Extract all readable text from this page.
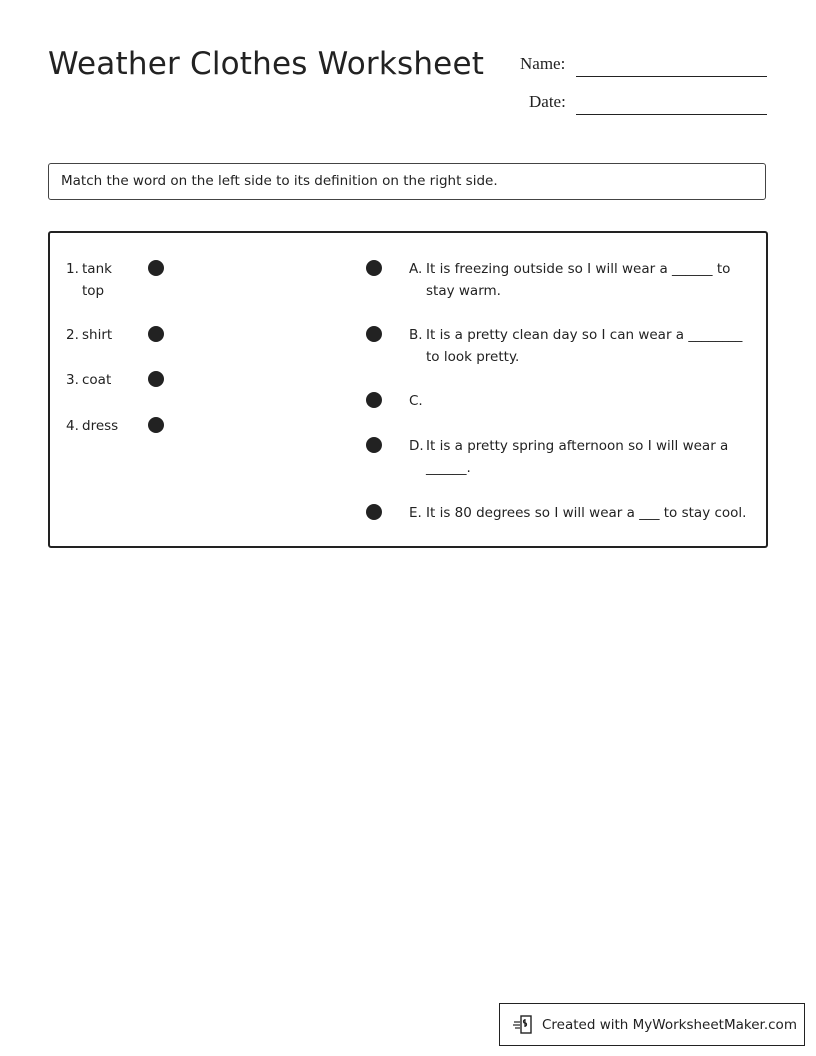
Weather Clothes Worksheet Name:
Date:
Match the word on the left side to its definition on the right side.
1. tank top
2. shirt
3. coat
4. dress
A. It is freezing outside so I will wear a ______ to stay warm.
B. It is a pretty clean day so I can wear a ________ to look pretty.
C.
D. It is a pretty spring afternoon so I will wear a ______.
E. It is 80 degrees so I will wear a ___ to stay cool.
Created with MyWorksheetMaker.com
